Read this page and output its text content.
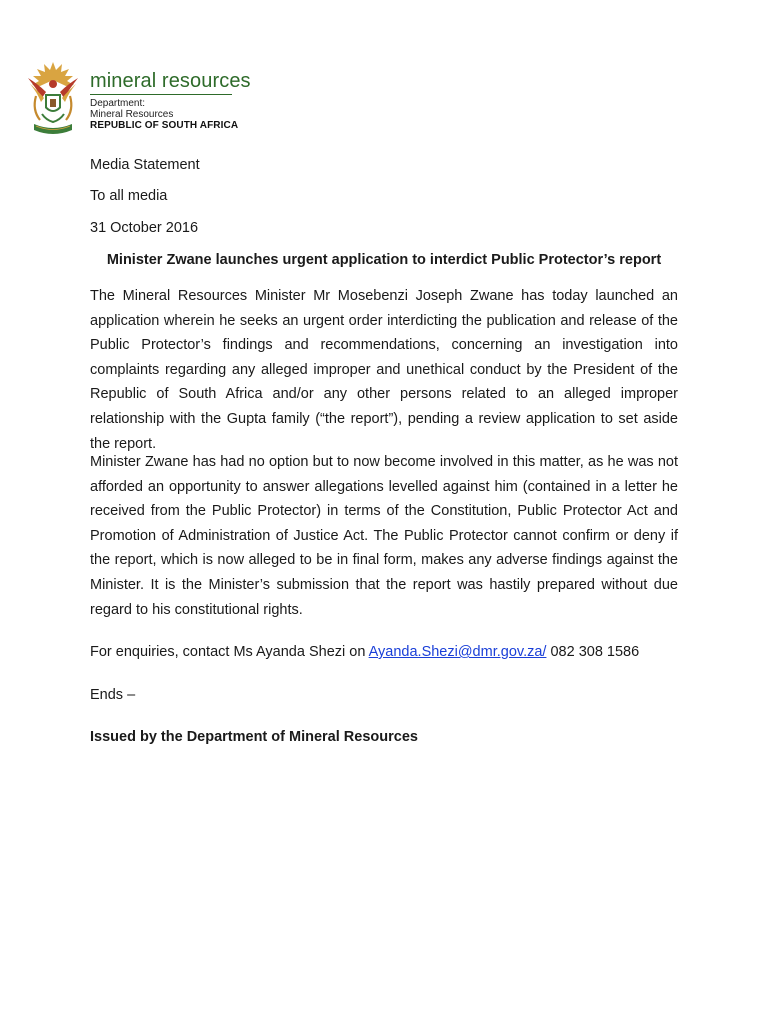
mineral resources
Department:
Mineral Resources
REPUBLIC OF SOUTH AFRICA
Media Statement
To all media
31 October 2016
Minister Zwane launches urgent application to interdict Public Protector’s report
The Mineral Resources Minister Mr Mosebenzi Joseph Zwane has today launched an application wherein he seeks an urgent order interdicting the publication and release of the Public Protector’s findings and recommendations, concerning an investigation into complaints regarding any alleged improper and unethical conduct by the President of the Republic of South Africa and/or any other persons related to an alleged improper relationship with the Gupta family (“the report”), pending a review application to set aside the report.
Minister Zwane has had no option but to now become involved in this matter, as he was not afforded an opportunity to answer allegations levelled against him (contained in a letter he received from the Public Protector) in terms of the Constitution, Public Protector Act and Promotion of Administration of Justice Act. The Public Protector cannot confirm or deny if the report, which is now alleged to be in final form, makes any adverse findings against the Minister. It is the Minister’s submission that the report was hastily prepared without due regard to his constitutional rights.
For enquiries, contact Ms Ayanda Shezi on Ayanda.Shezi@dmr.gov.za/ 082 308 1586
Ends –
Issued by the Department of Mineral Resources
